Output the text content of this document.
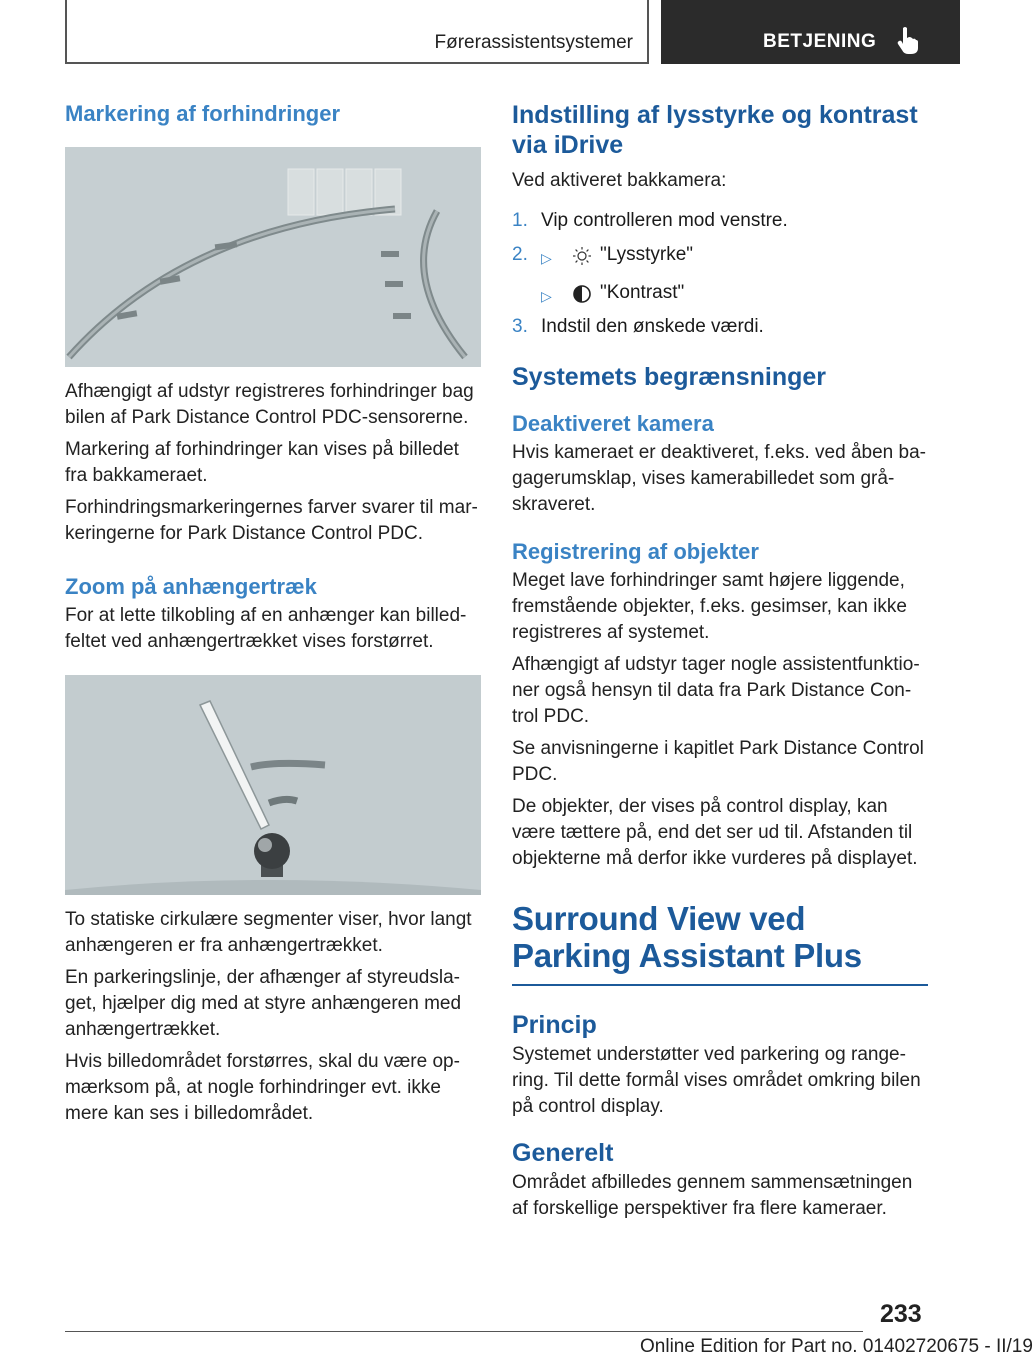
Førerassistentsystemer	BETJENING
Markering af forhindringer

Afhængigt af udstyr registreres forhindringer bag bilen af Park Distance Control PDC-sensorerne.

Markering af forhindringer kan vises på billedet fra bakkameraet.

Forhindringsmarkeringernes farver svarer til mar-keringerne for Park Distance Control PDC.

Zoom på anhængertræk

For at lette tilkobling af en anhænger kan billed-feltet ved anhængertrækket vises forstørret.

To statiske cirkulære segmenter viser, hvor langt anhængeren er fra anhængertrækket.

En parkeringslinje, der afhænger af styreudsla-get, hjælper dig med at styre anhængeren med anhængertrækket.

Hvis billedområdet forstørres, skal du være op-mærksom på, at nogle forhindringer evt. ikke mere kan ses i billedområdet.

Indstilling af lysstyrke og kontrast via iDrive

Ved aktiveret bakkamera:

1. Vip controlleren mod venstre.
2. ▷	"Lysstyrke"
▷	"Kontrast"
3. Indstil den ønskede værdi.
Systemets begrænsninger
Deaktiveret kamera

Hvis kameraet er deaktiveret, f.eks. ved åben ba-gagerumsklap, vises kamerabilledet som grå-skraveret.

Registrering af objekter

Meget lave forhindringer samt højere liggende, fremstående objekter, f.eks. gesimser, kan ikke registreres af systemet.

Afhængigt af udstyr tager nogle assistentfunktio-ner også hensyn til data fra Park Distance Con-trol PDC.

Se anvisningerne i kapitlet Park Distance Control PDC.

De objekter, der vises på control display, kan være tættere på, end det ser ud til. Afstanden til objekterne må derfor ikke vurderes på displayet.

Surround View ved Parking Assistant Plus
Princip

Systemet understøtter ved parkering og range-ring. Til dette formål vises området omkring bilen på control display.

Generelt

Området afbilledes gennem sammensætningen af forskellige perspektiver fra flere kameraer.

233
Online Edition for Part no. 01402720675 - II/19
